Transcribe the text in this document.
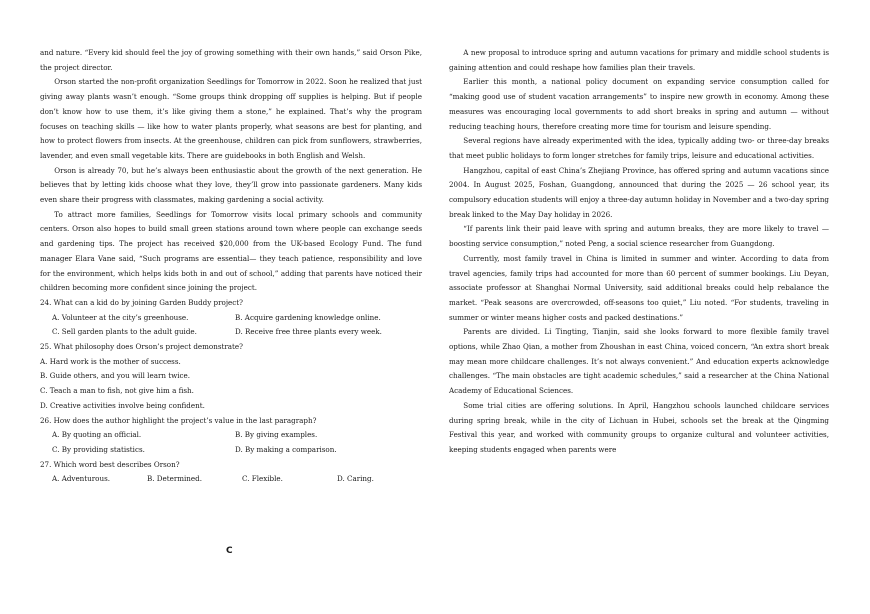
and nature. “Every kid should feel the joy of growing something with their own hands,” said Orson Pike, the project director.

Orson started the non-profit organization Seedlings for Tomorrow in 2022. Soon he realized that just giving away plants wasn’t enough. “Some groups think dropping off supplies is helping. But if people don’t know how to use them, it’s like giving them a stone,” he explained. That’s why the program focuses on teaching skills — like how to water plants properly, what seasons are best for planting, and how to protect flowers from insects. At the greenhouse, children can pick from sunflowers, strawberries, lavender, and even small vegetable kits. There are guidebooks in both English and Welsh.

Orson is already 70, but he’s always been enthusiastic about the growth of the next generation. He believes that by letting kids choose what they love, they’ll grow into passionate gardeners. Many kids even share their progress with classmates, making gardening a social activity.

To attract more families, Seedlings for Tomorrow visits local primary schools and community centers. Orson also hopes to build small green stations around town where people can exchange seeds and gardening tips. The project has received $20,000 from the UK-based Ecology Fund. The fund manager Elara Vane said, “Such programs are essential— they teach patience, responsibility and love for the environment, which helps kids both in and out of school,” adding that parents have noticed their children becoming more confident since joining the project.

24. What can a kid do by joining Garden Buddy project?

A. Volunteer at the city’s greenhouse.	B. Acquire gardening knowledge online.
C. Sell garden plants to the adult guide.	D. Receive free three plants every week.

25. What philosophy does Orson’s project demonstrate?

A. Hard work is the mother of success.

B. Guide others, and you will learn twice.

C. Teach a man to fish, not give him a fish.

D. Creative activities involve being confident.

26. How does the author highlight the project’s value in the last paragraph?

A. By quoting an official.	B. By giving examples.
C. By providing statistics.	D. By making a comparison.

27. Which word best describes Orson?

A. Adventurous.	B. Determined.	C. Flexible.	D. Caring.
C

A new proposal to introduce spring and autumn vacations for primary and middle school students is gaining attention and could reshape how families plan their travels.

Earlier this month, a national policy document on expanding service consumption called for “making good use of student vacation arrangements” to inspire new growth in economy. Among these measures was encouraging local governments to add short breaks in spring and autumn — without reducing teaching hours, therefore creating more time for tourism and leisure spending.

Several regions have already experimented with the idea, typically adding two- or three-day breaks that meet public holidays to form longer stretches for family trips, leisure and educational activities.

Hangzhou, capital of east China’s Zhejiang Province, has offered spring and autumn vacations since 2004. In August 2025, Foshan, Guangdong, announced that during the 2025 — 26 school year, its compulsory education students will enjoy a three-day autumn holiday in November and a two-day spring break linked to the May Day holiday in 2026.

“If parents link their paid leave with spring and autumn breaks, they are more likely to travel — boosting service consumption,” noted Peng, a social science researcher from Guangdong.

Currently, most family travel in China is limited in summer and winter. According to data from travel agencies, family trips had accounted for more than 60 percent of summer bookings. Liu Deyan, associate professor at Shanghai Normal University, said additional breaks could help rebalance the market. “Peak seasons are overcrowded, off-seasons too quiet,” Liu noted. “For students, traveling in summer or winter means higher costs and packed destinations.”

Parents are divided. Li Tingting, Tianjin, said she looks forward to more flexible family travel options, while Zhao Qian, a mother from Zhoushan in east China, voiced concern, “An extra short break may mean more childcare challenges. It’s not always convenient.” And education experts acknowledge challenges. “The main obstacles are tight academic schedules,” said a researcher at the China National Academy of Educational Sciences.

Some trial cities are offering solutions. In April, Hangzhou schools launched childcare services during spring break, while in the city of Lichuan in Hubei, schools set the break at the Qingming Festival this year, and worked with community groups to organize cultural and volunteer activities, keeping students engaged when parents were
